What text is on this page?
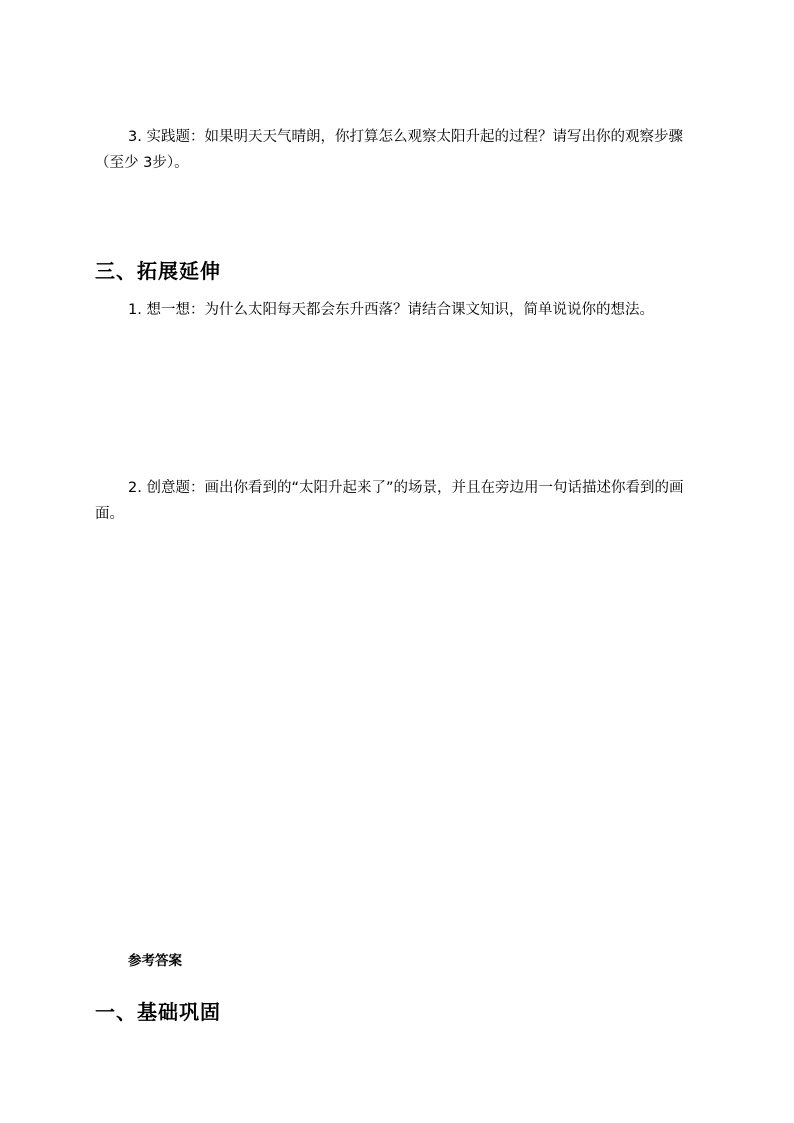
3. 实践题：如果明天天气晴朗，你打算怎么观察太阳升起的过程？请写出你的观察步骤（至少 3步）。

三、拓展延伸

1. 想一想：为什么太阳每天都会东升西落？请结合课文知识，简单说说你的想法。

2. 创意题：画出你看到的“太阳升起来了”的场景，并且在旁边用一句话描述你看到的画面。

参考答案
一、基础巩固
